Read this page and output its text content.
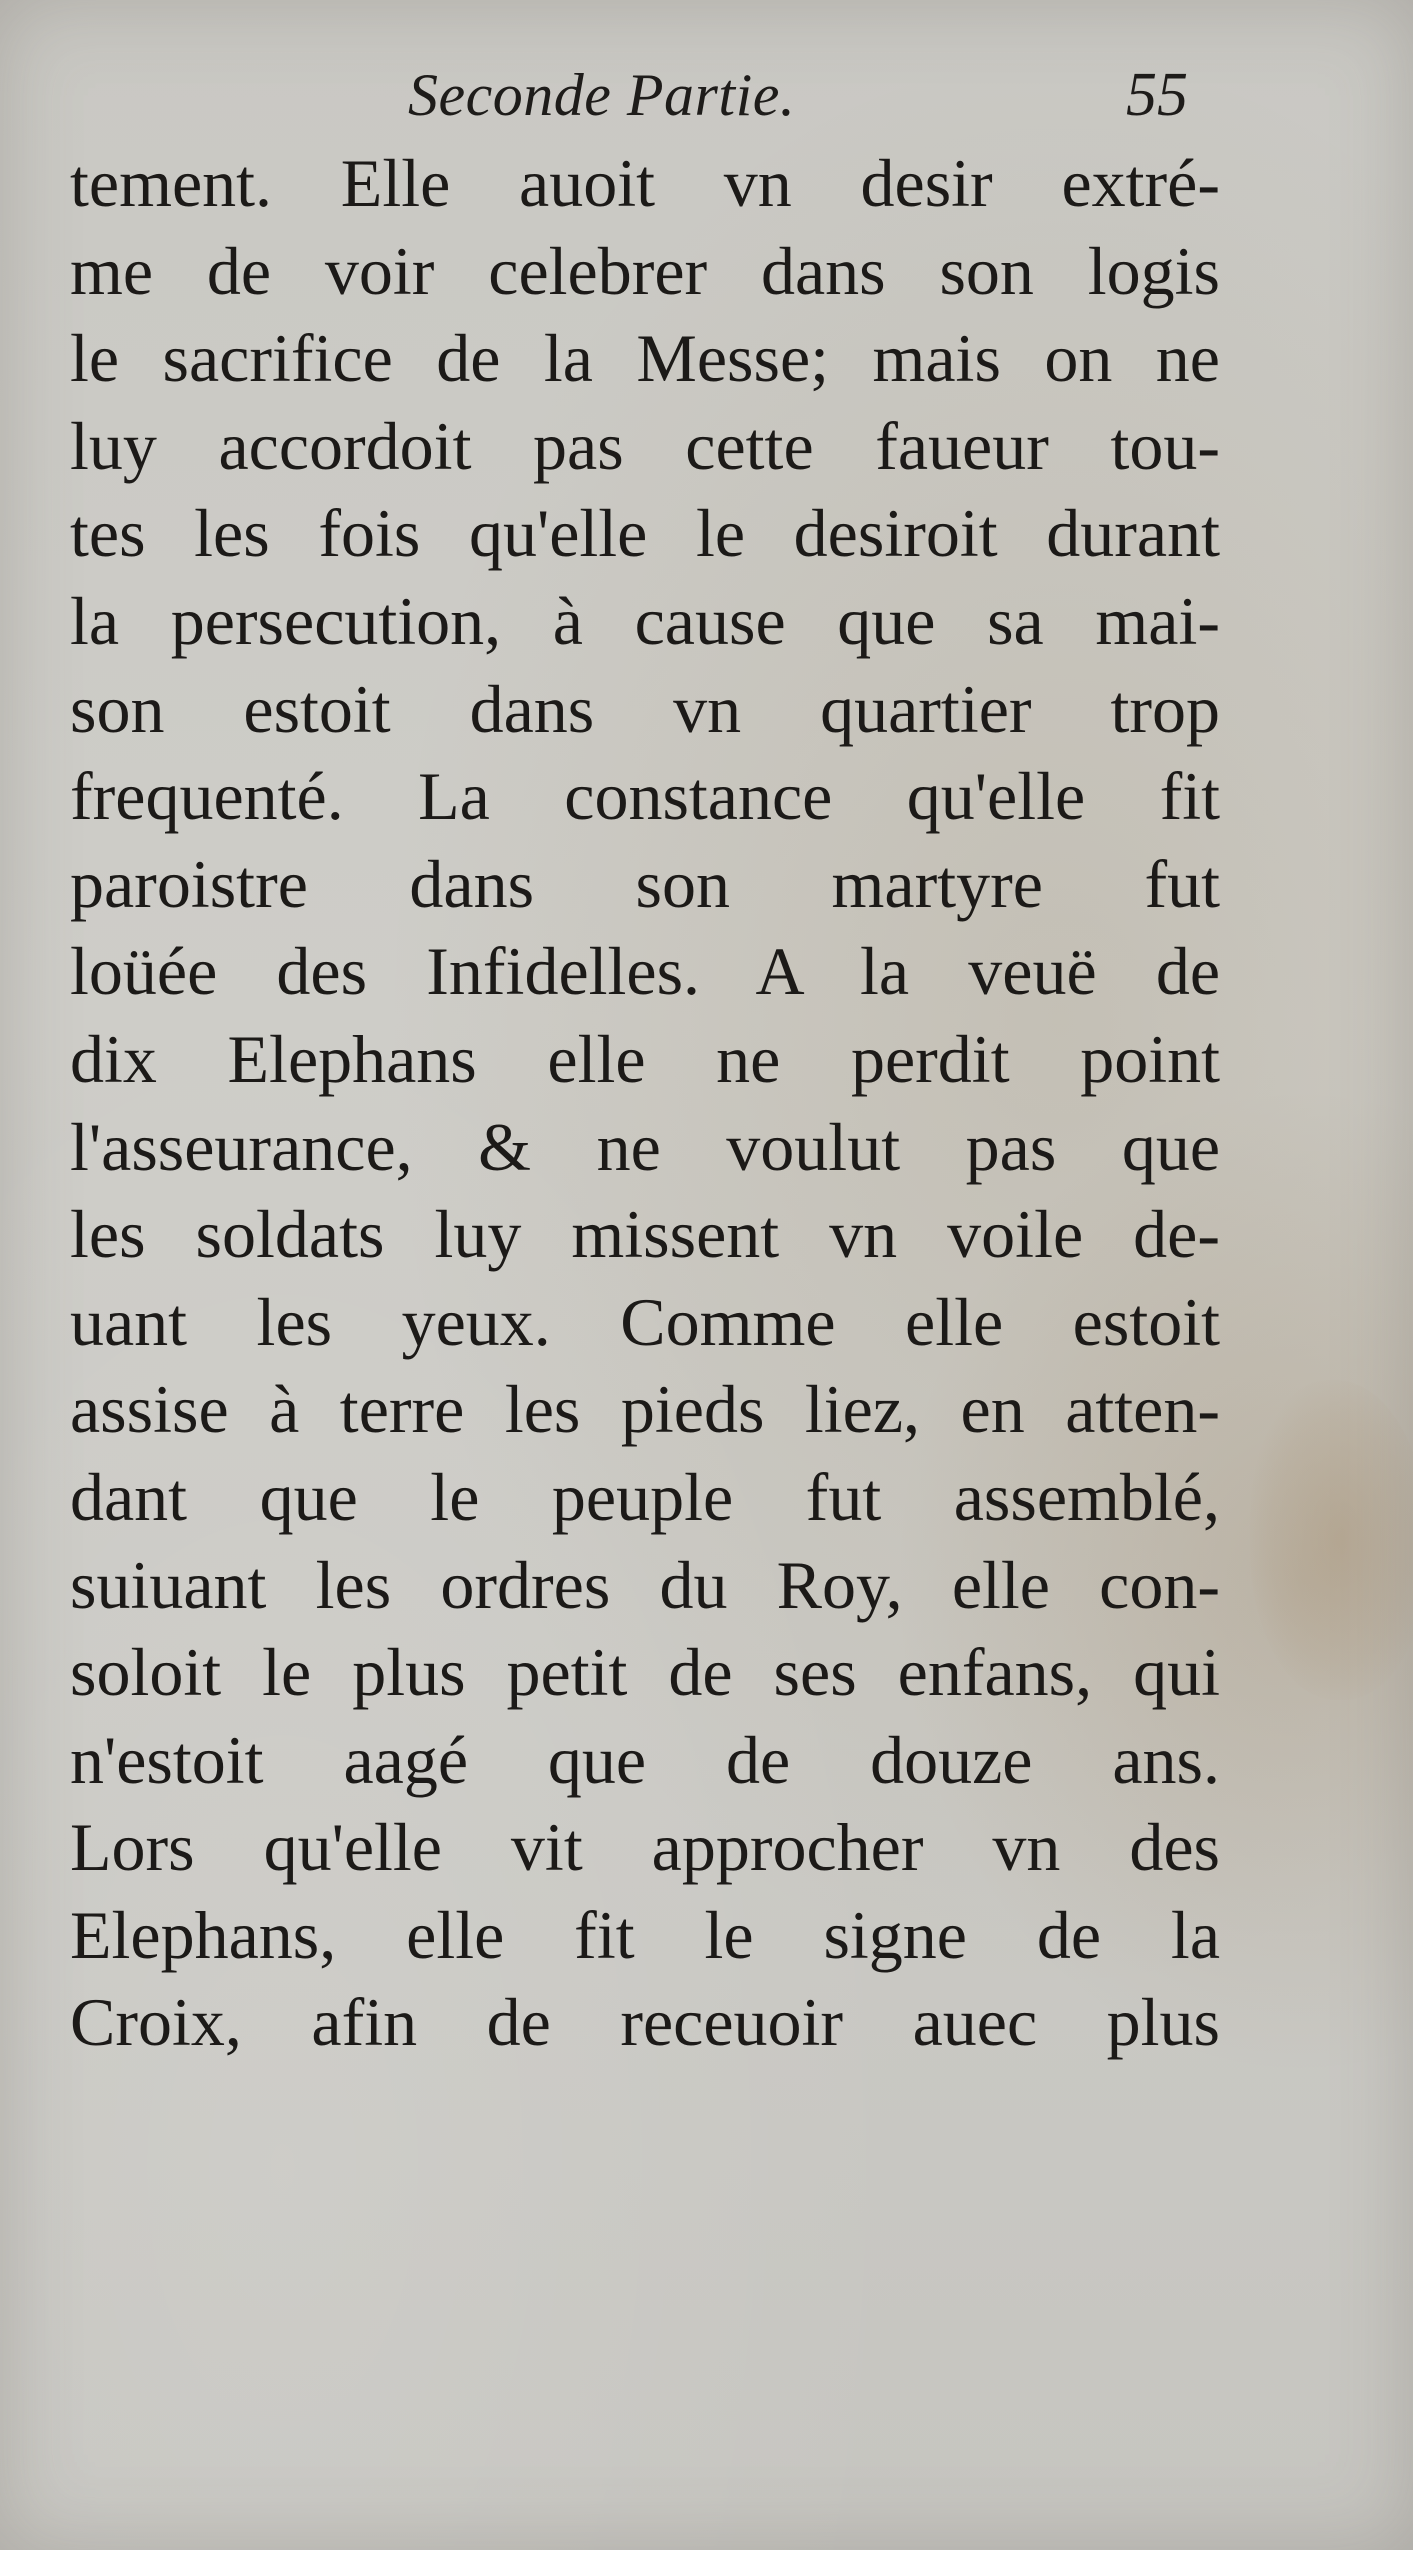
Seconde Partie.	55
tement. Elle auoit vn desir extré-
me de voir celebrer dans son logis
le sacrifice de la Messe; mais on ne
luy accordoit pas cette faueur tou-
tes les fois qu'elle le desiroit durant
la persecution, à cause que sa mai-
son estoit dans vn quartier trop
frequenté. La constance qu'elle fit
paroistre dans son martyre fut
loüée des Infidelles. A la veuë de
dix Elephans elle ne perdit point
l'asseurance, & ne voulut pas que
les soldats luy missent vn voile de-
uant les yeux. Comme elle estoit
assise à terre les pieds liez, en atten-
dant que le peuple fut assemblé,
suiuant les ordres du Roy, elle con-
soloit le plus petit de ses enfans, qui
n'estoit aagé que de douze ans.
Lors qu'elle vit approcher vn des
Elephans, elle fit le signe de la
Croix, afin de receuoir auec plus
